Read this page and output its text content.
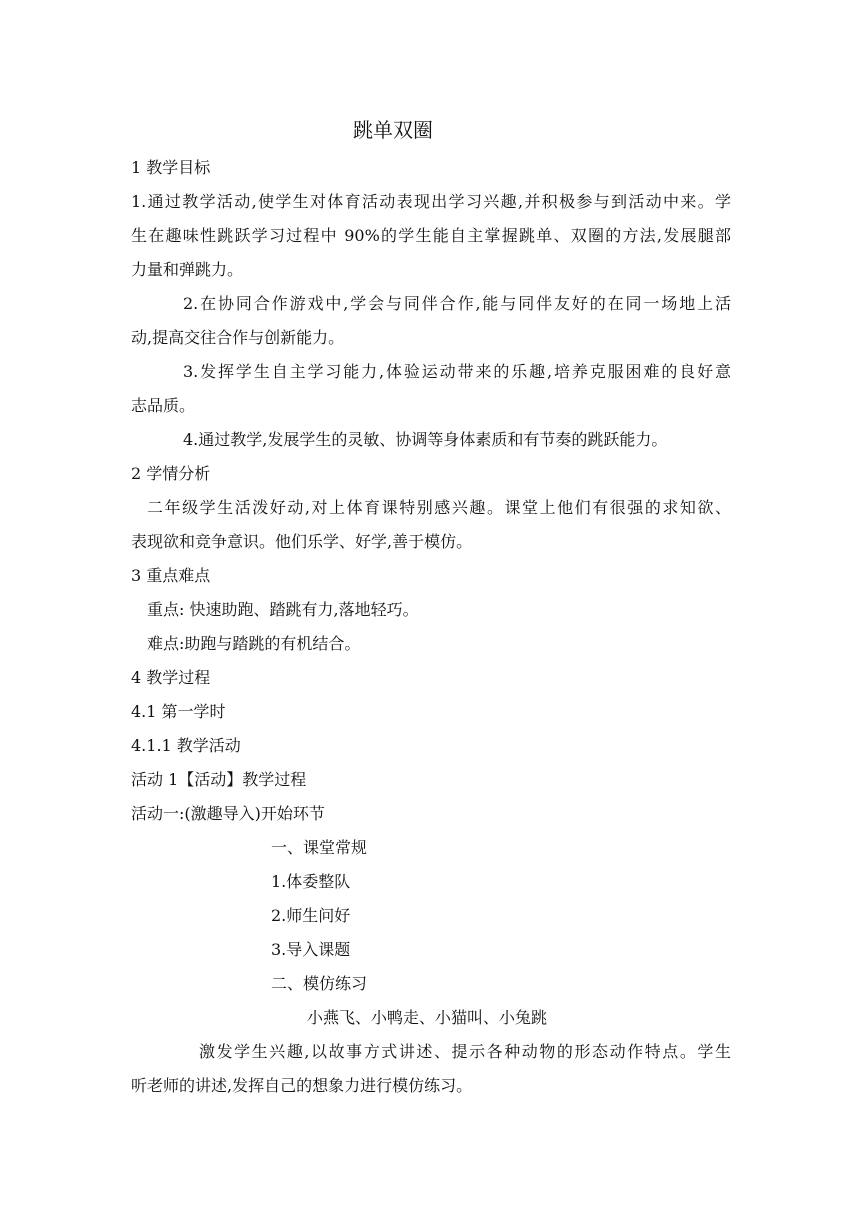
跳单双圈
1 教学目标
1.通过教学活动,使学生对体育活动表现出学习兴趣,并积极参与到活动中来。学
生在趣味性跳跃学习过程中 90%的学生能自主掌握跳单、双圈的方法,发展腿部
力量和弹跳力。
2.在协同合作游戏中,学会与同伴合作,能与同伴友好的在同一场地上活
动,提高交往合作与创新能力。
3.发挥学生自主学习能力,体验运动带来的乐趣,培养克服困难的良好意
志品质。
4.通过教学,发展学生的灵敏、协调等身体素质和有节奏的跳跃能力。
2 学情分析
二年级学生活泼好动,对上体育课特别感兴趣。课堂上他们有很强的求知欲、
表现欲和竞争意识。他们乐学、好学,善于模仿。
3 重点难点
重点: 快速助跑、踏跳有力,落地轻巧。
难点:助跑与踏跳的有机结合。
4 教学过程
4.1 第一学时
4.1.1 教学活动
活动 1【活动】教学过程
活动一:(激趣导入)开始环节
一、课堂常规
1.体委整队
2.师生问好
3.导入课题
二、模仿练习
小燕飞、小鸭走、小猫叫、小兔跳
激发学生兴趣,以故事方式讲述、提示各种动物的形态动作特点。学生
听老师的讲述,发挥自己的想象力进行模仿练习。
